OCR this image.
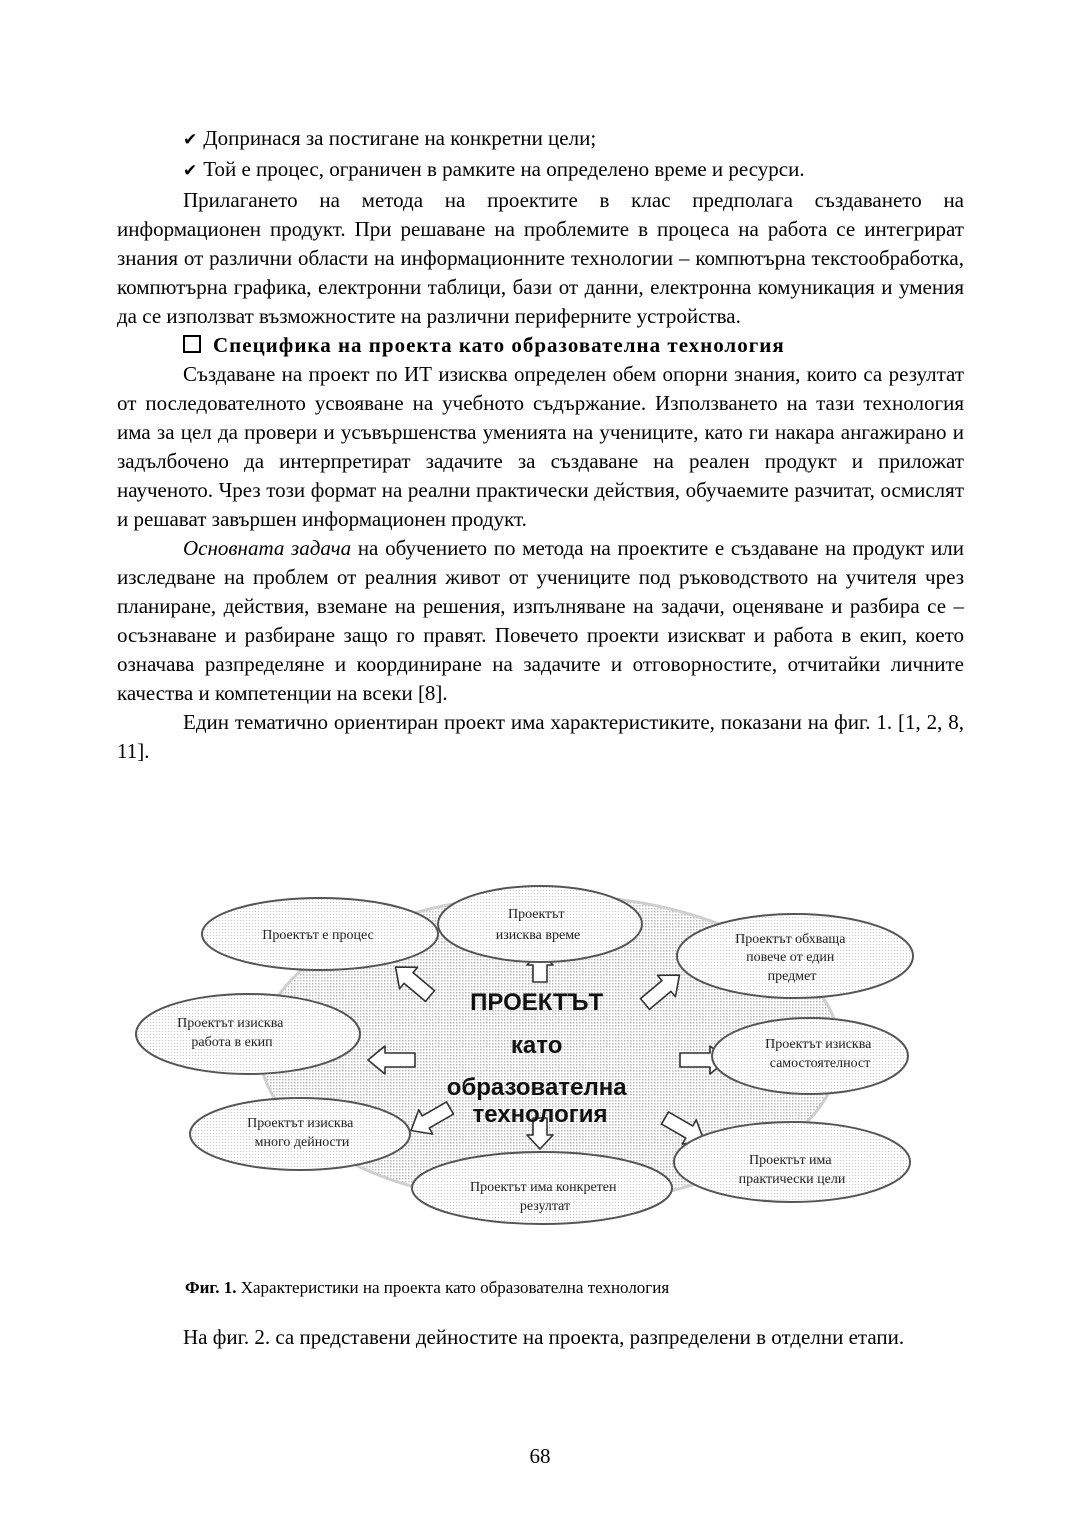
✔ Допринася за постигане на конкретни цели;

✔ Той е процес, ограничен в рамките на определено време и ресурси.

Прилагането на метода на проектите в клас предполага създаването на информационен продукт. При решаване на проблемите в процеса на работа се интегрират знания от различни области на информационните технологии – компютърна текстообработка, компютърна графика, електронни таблици, бази от данни, електронна комуникация и умения да се използват възможностите на различни периферните устройства.

Специфика на проекта като образователна технология

Създаване на проект по ИТ изисква определен обем опорни знания, които са резултат от последователното усвояване на учебното съдържание. Използването на тази технология има за цел да провери и усъвършенства уменията на учениците, като ги накара ангажирано и задълбочено да интерпретират задачите за създаване на реален продукт и приложат наученото. Чрез този формат на реални практически действия, обучаемите разчитат, осмислят и решават завършен информационен продукт.

Основната задача на обучението по метода на проектите е създаване на продукт или изследване на проблем от реалния живот от учениците под ръководството на учителя чрез планиране, действия, вземане на решения, изпълняване на задачи, оценяване и разбира се – осъзнаване и разбиране защо го правят. Повечето проекти изискват и работа в екип, което означава разпределяне и координиране на задачите и отговорностите, отчитайки личните качества и компетенции на всеки [8].

Един тематично ориентиран проект има характеристиките, показани на фиг. 1. [1, 2, 8, 11].

ПРОЕКТЪТ като образователна технология
Проектът е процес
Проектът изисква време	Проектът обхваща повече от един предмет
Проектът изисква работа в екип	Проектът изисква самостоятелност
Проектът изисква много дейности
Проектът има практически цели
Проектът има конкретен резултат
Фиг. 1. Характеристики на проекта като образователна технология

На фиг. 2. са представени дейностите на проекта, разпределени в отделни етапи.

68
